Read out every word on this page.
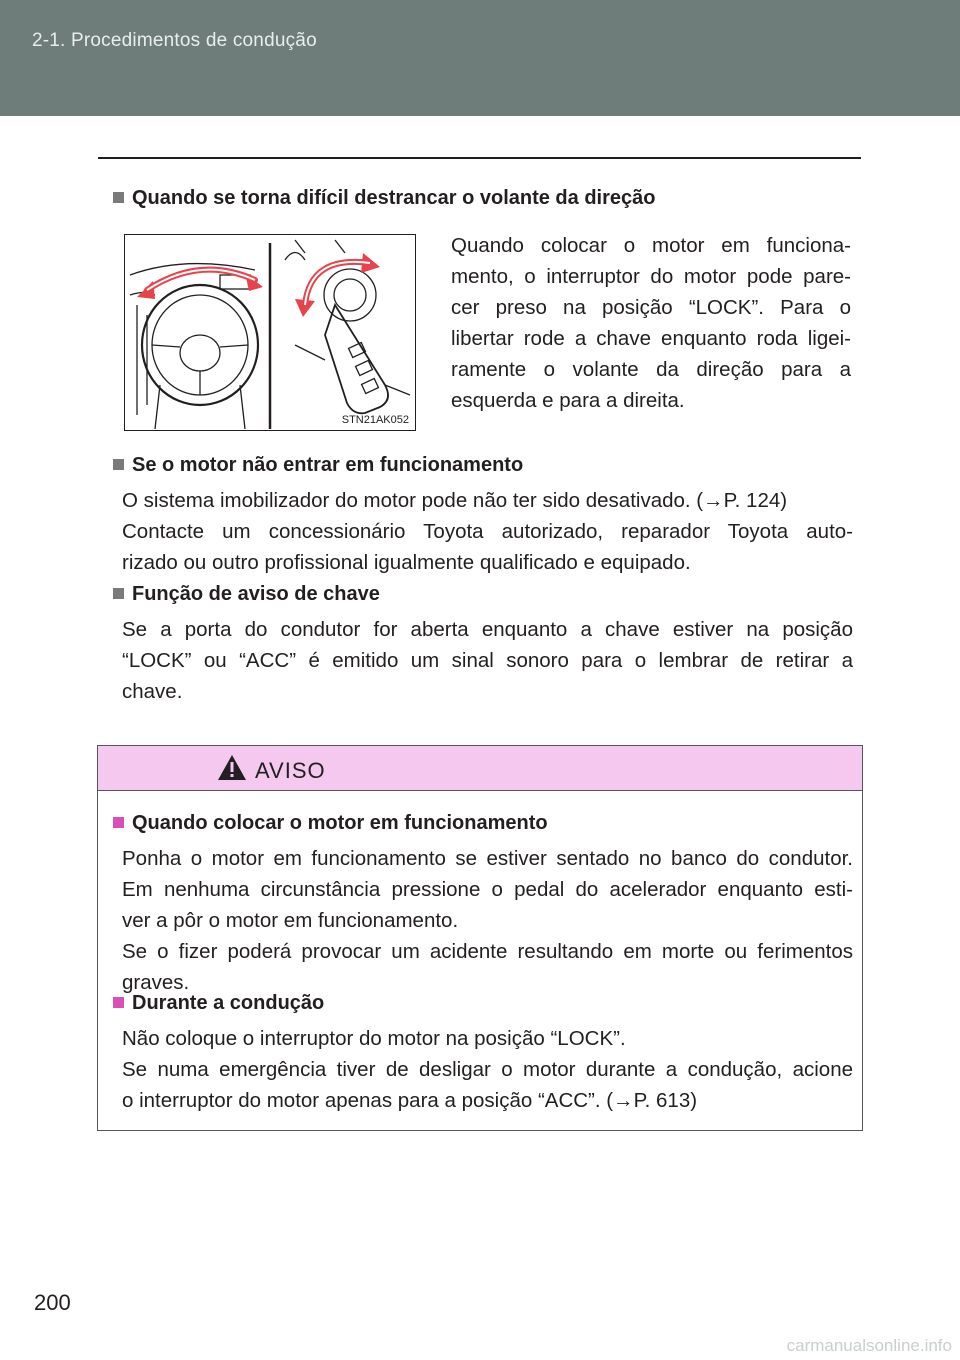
2-1. Procedimentos de condução
Quando se torna difícil destrancar o volante da direção
STN21AK052
Quando colocar o motor em funciona-
mento, o interruptor do motor pode pare-
cer preso na posição “LOCK”. Para o
libertar rode a chave enquanto roda ligei-
ramente o volante da direção para a
esquerda e para a direita.
Se o motor não entrar em funcionamento
O sistema imobilizador do motor pode não ter sido desativado. (→P. 124)
Contacte um concessionário Toyota autorizado, reparador Toyota auto-
rizado ou outro profissional igualmente qualificado e equipado.
Função de aviso de chave
Se a porta do condutor for aberta enquanto a chave estiver na posição
“LOCK” ou “ACC” é emitido um sinal sonoro para o lembrar de retirar a
chave.
AVISO
Quando colocar o motor em funcionamento
Ponha o motor em funcionamento se estiver sentado no banco do condutor.
Em nenhuma circunstância pressione o pedal do acelerador enquanto esti-
ver a pôr o motor em funcionamento.
Se o fizer poderá provocar um acidente resultando em morte ou ferimentos
graves.
Durante a condução
Não coloque o interruptor do motor na posição “LOCK”.
Se numa emergência tiver de desligar o motor durante a condução, acione
o interruptor do motor apenas para a posição “ACC”. (→P. 613)
200
carmanualsonline.info
